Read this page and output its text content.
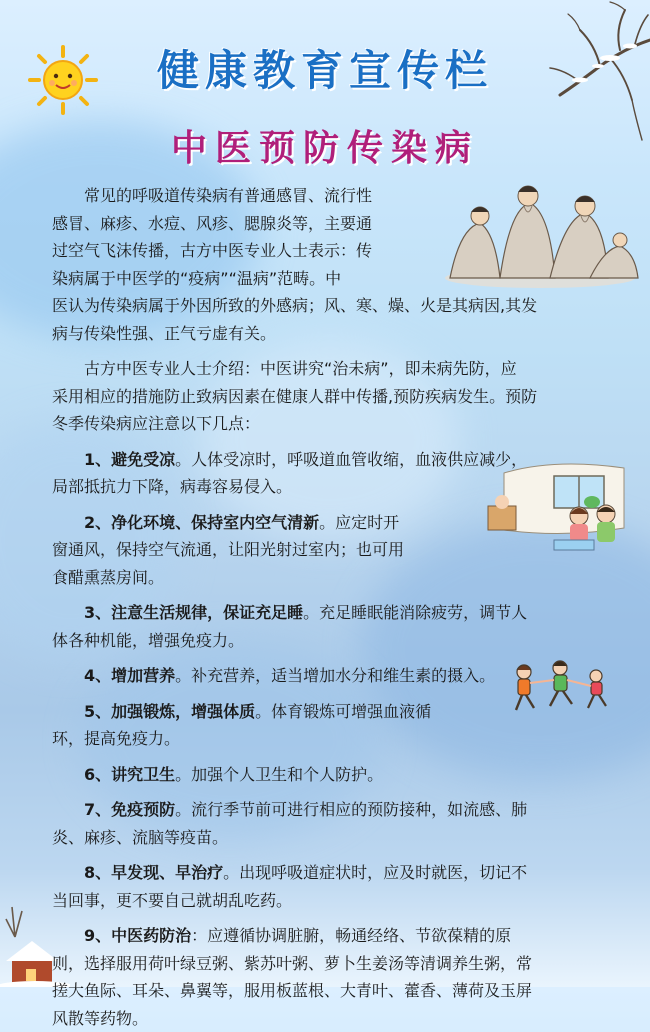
健康教育宣传栏
中医预防传染病
　　常见的呼吸道传染病有普通感冒、流行性
感冒、麻疹、水痘、风疹、腮腺炎等，主要通
过空气飞沫传播，古方中医专业人士表示：传
染病属于中医学的“疫病”“温病”范畴。中
医认为传染病属于外因所致的外感病；风、寒、燥、火是其病因,其发
病与传染性强、正气亏虚有关。
　　古方中医专业人士介绍：中医讲究“治未病”，即未病先防，应
采用相应的措施防止致病因素在健康人群中传播,预防疾病发生。预防
冬季传染病应注意以下几点：
　　1、避免受凉。人体受凉时，呼吸道血管收缩，血液供应减少，
局部抵抗力下降，病毒容易侵入。
　　2、净化环境、保持室内空气清新。应定时开
窗通风，保持空气流通，让阳光射过室内；也可用
食醋熏蒸房间。
　　3、注意生活规律，保证充足睡。充足睡眠能消除疲劳，调节人
体各种机能，增强免疫力。
　　4、增加营养。补充营养，适当增加水分和维生素的摄入。
　　5、加强锻炼，增强体质。体育锻炼可增强血液循
环，提高免疫力。
　　6、讲究卫生。加强个人卫生和个人防护。
　　7、免疫预防。流行季节前可进行相应的预防接种，如流感、肺
炎、麻疹、流脑等疫苗。
　　8、早发现、早治疗。出现呼吸道症状时，应及时就医，切记不
当回事，更不要自己就胡乱吃药。
　　9、中医药防治：应遵循协调脏腑，畅通经络、节欲葆精的原
则，选择服用荷叶绿豆粥、紫苏叶粥、萝卜生姜汤等清调养生粥，常
搓大鱼际、耳朵、鼻翼等，服用板蓝根、大青叶、藿香、薄荷及玉屏
风散等药物。
